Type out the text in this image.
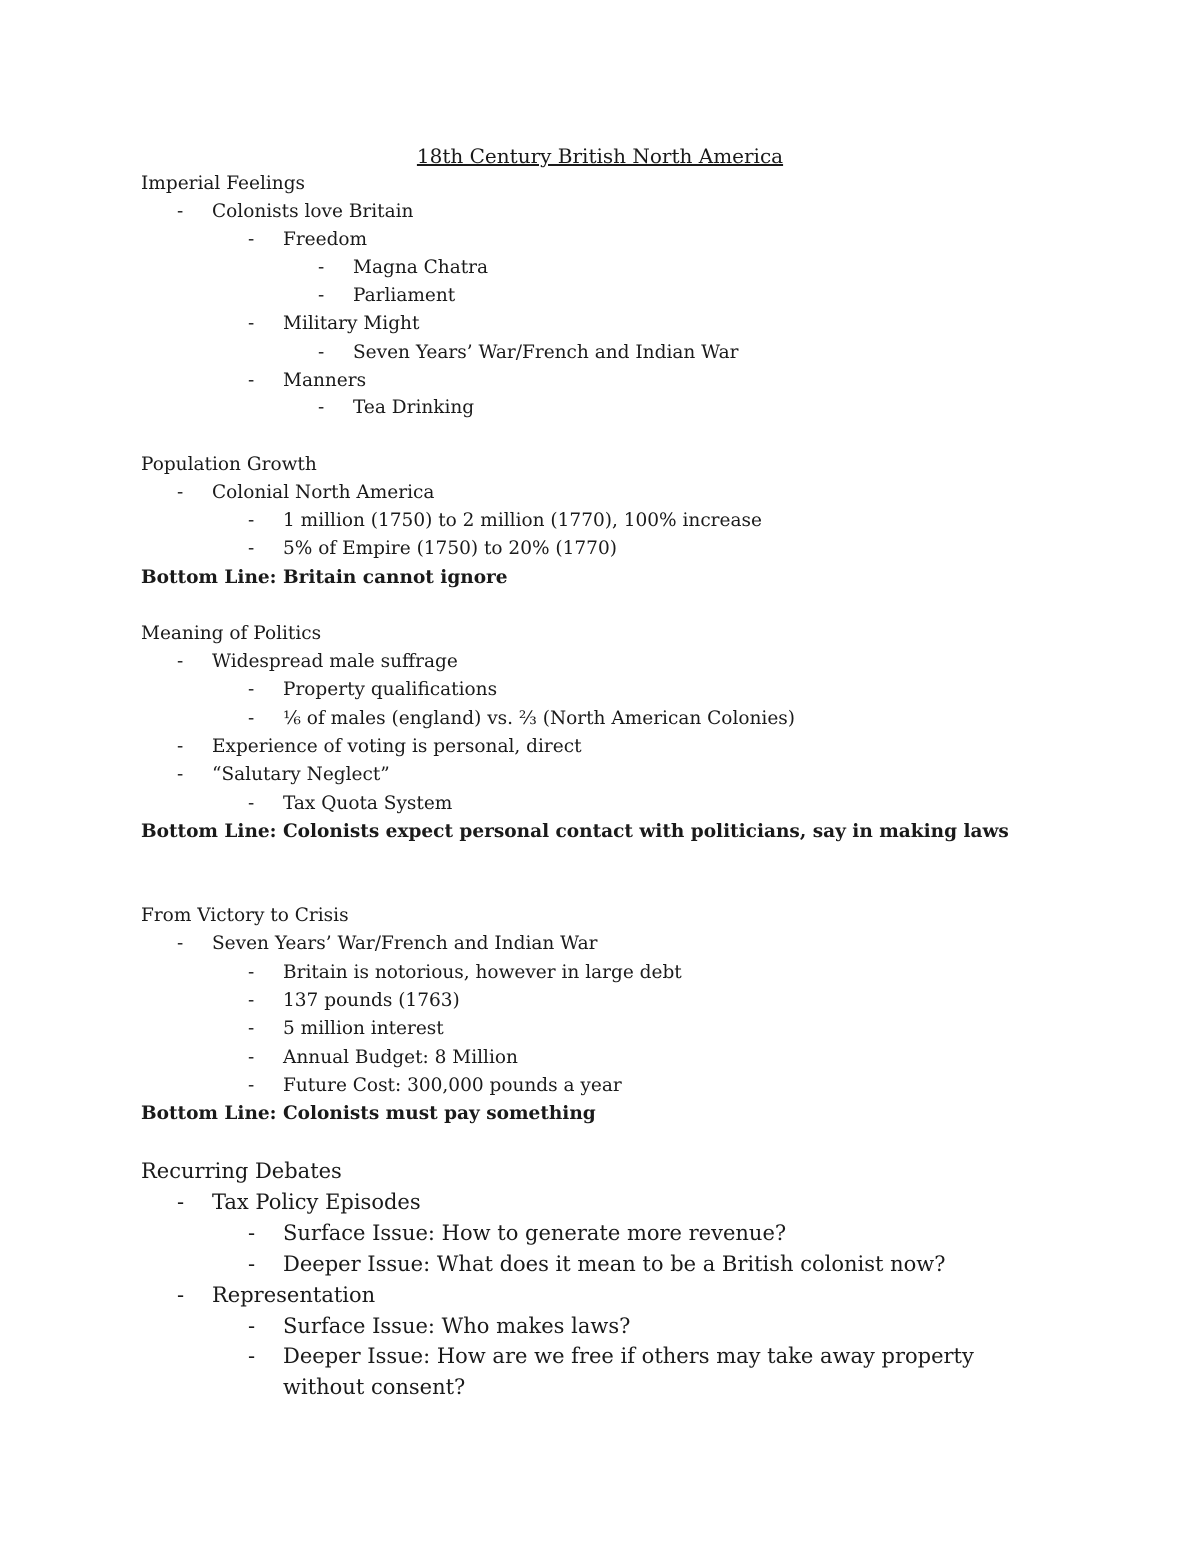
18th Century British North America
Imperial Feelings
- Colonists love Britain
- Freedom
- Magna Chatra
- Parliament
- Military Might
- Seven Years’ War/French and Indian War
- Manners
- Tea Drinking
Population Growth
- Colonial North America
- 1 million (1750) to 2 million (1770), 100% increase
- 5% of Empire (1750) to 20% (1770)
Bottom Line: Britain cannot ignore
Meaning of Politics
- Widespread male suffrage
- Property qualifications
- ⅙ of males (england) vs. ⅔ (North American Colonies)
- Experience of voting is personal, direct
- “Salutary Neglect”
- Tax Quota System
Bottom Line: Colonists expect personal contact with politicians, say in making laws
From Victory to Crisis
- Seven Years’ War/French and Indian War
- Britain is notorious, however in large debt
- 137 pounds (1763)
- 5 million interest
- Annual Budget: 8 Million
- Future Cost: 300,000 pounds a year
Bottom Line: Colonists must pay something
Recurring Debates
- Tax Policy Episodes
- Surface Issue: How to generate more revenue?
- Deeper Issue: What does it mean to be a British colonist now?
- Representation
- Surface Issue: Who makes laws?
- Deeper Issue: How are we free if others may take away property without consent?
